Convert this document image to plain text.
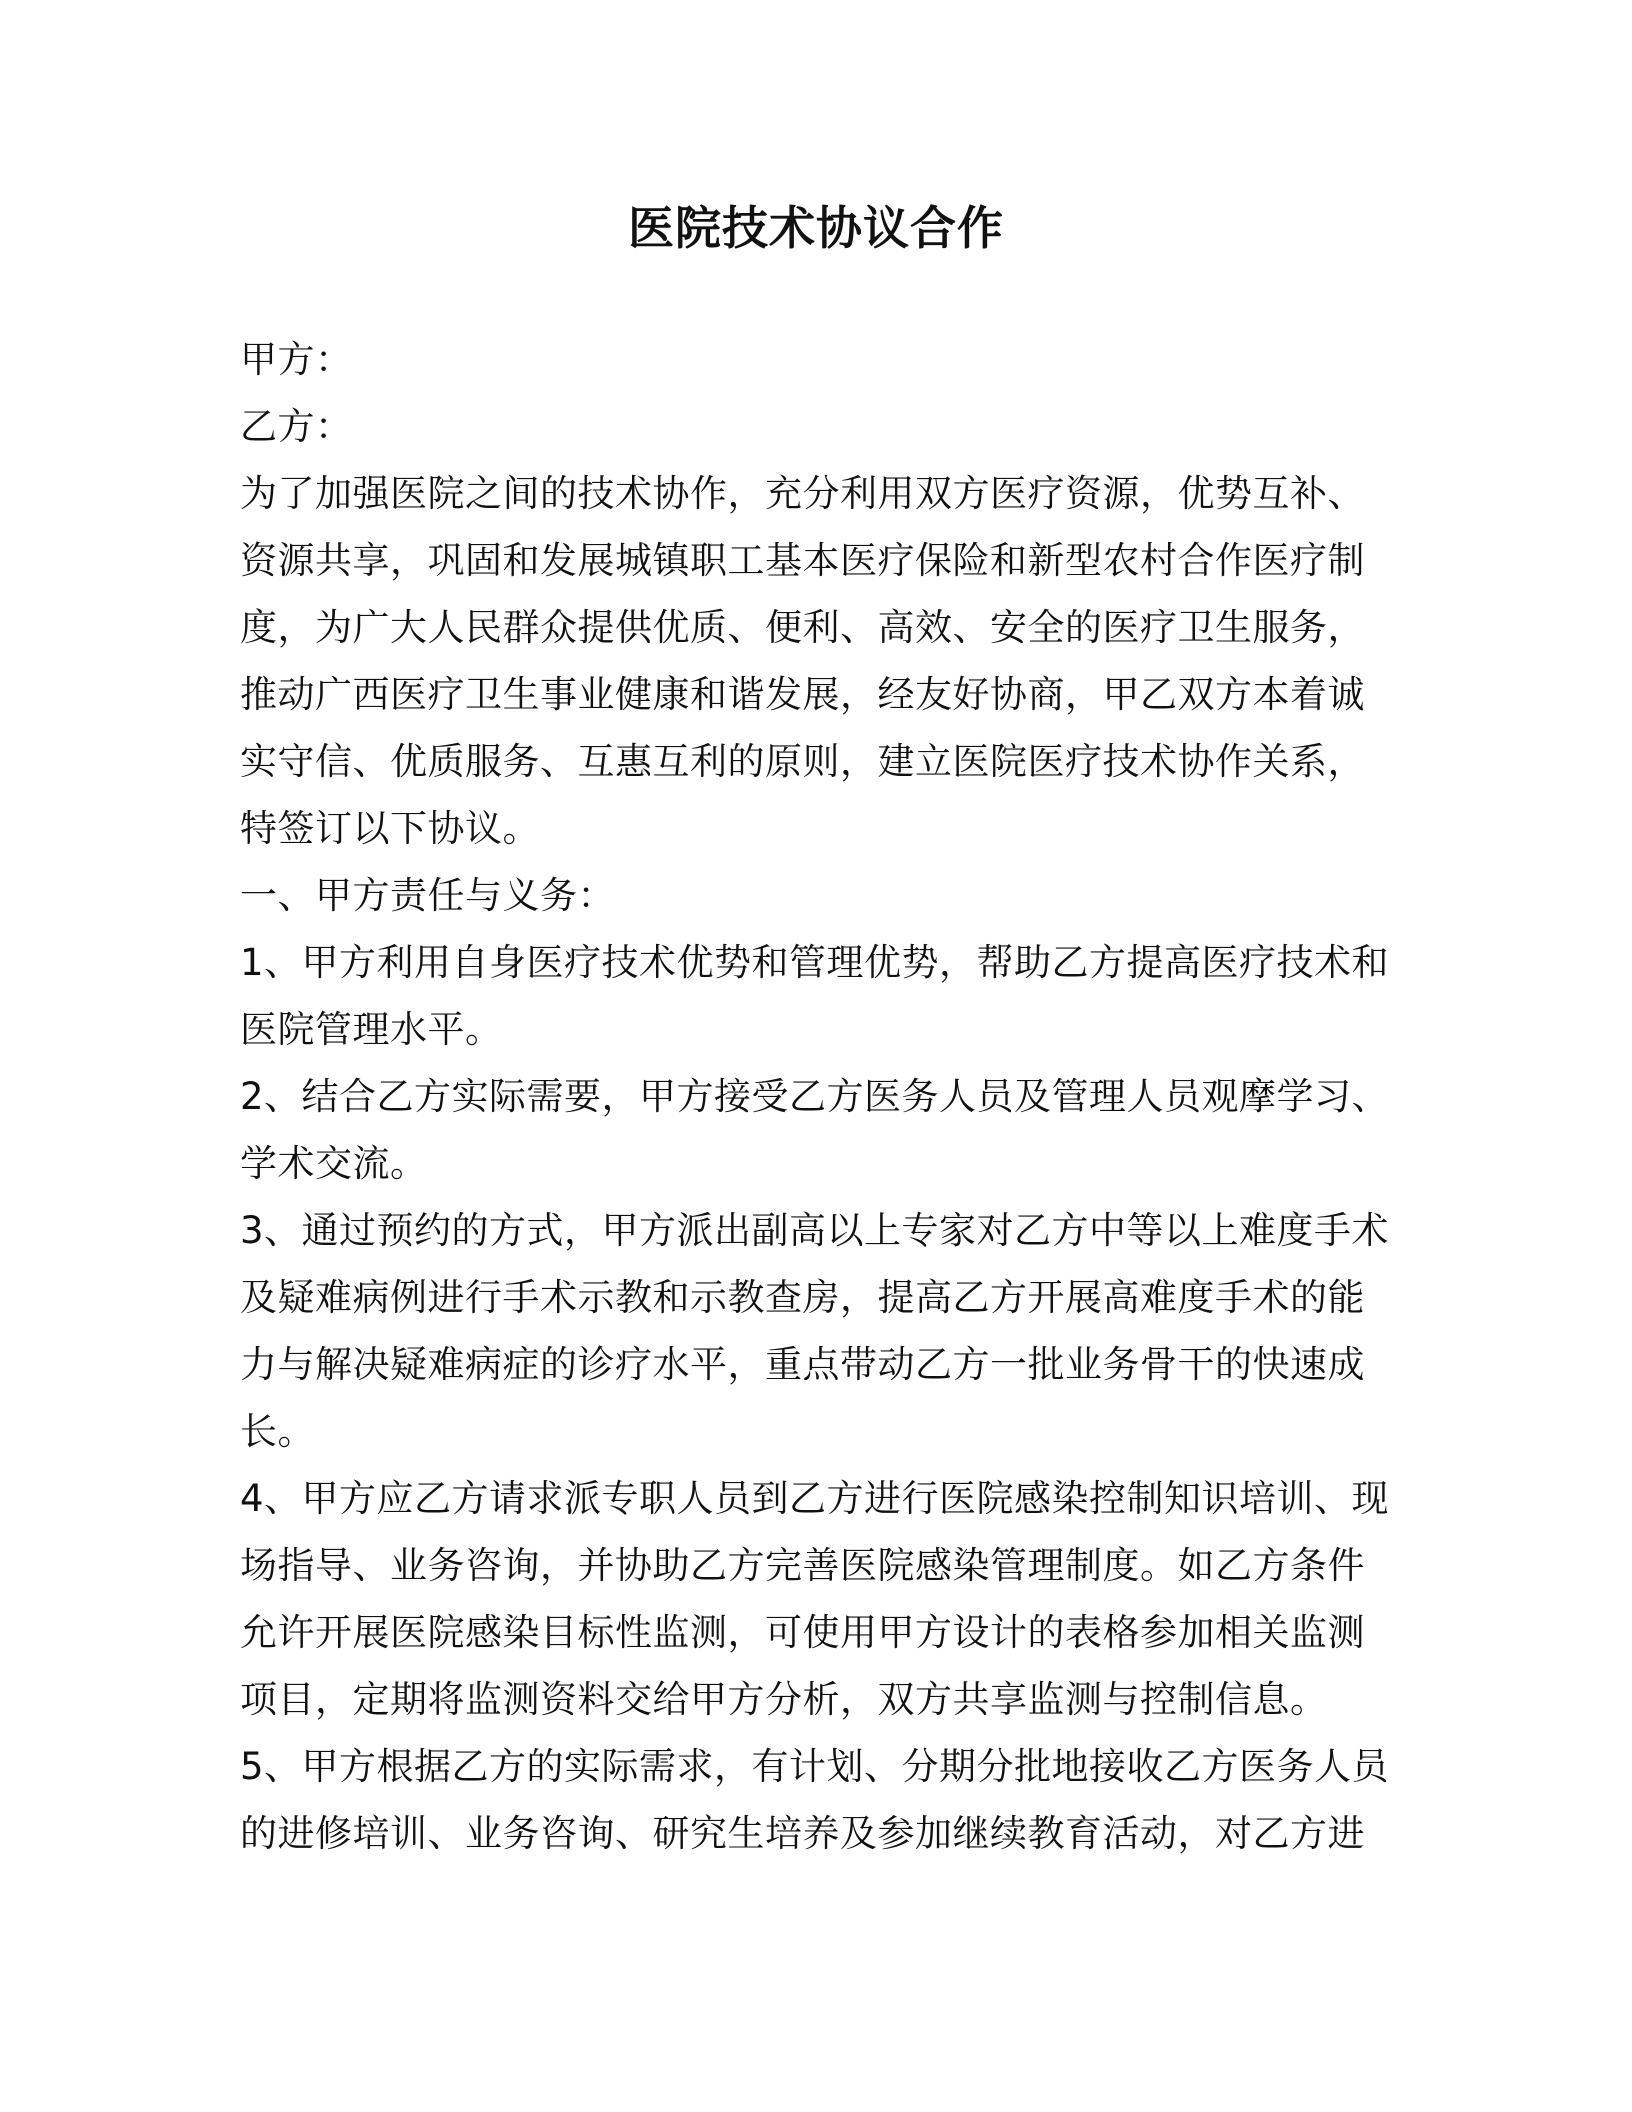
医院技术协议合作
甲方：
乙方：
为了加强医院之间的技术协作，充分利用双方医疗资源，优势互补、
资源共享，巩固和发展城镇职工基本医疗保险和新型农村合作医疗制
度，为广大人民群众提供优质、便利、高效、安全的医疗卫生服务，
推动广西医疗卫生事业健康和谐发展，经友好协商，甲乙双方本着诚
实守信、优质服务、互惠互利的原则，建立医院医疗技术协作关系，
特签订以下协议。
一、甲方责任与义务：
1、甲方利用自身医疗技术优势和管理优势，帮助乙方提高医疗技术和
医院管理水平。
2、结合乙方实际需要，甲方接受乙方医务人员及管理人员观摩学习、
学术交流。
3、通过预约的方式，甲方派出副高以上专家对乙方中等以上难度手术
及疑难病例进行手术示教和示教查房，提高乙方开展高难度手术的能
力与解决疑难病症的诊疗水平，重点带动乙方一批业务骨干的快速成
长。
4、甲方应乙方请求派专职人员到乙方进行医院感染控制知识培训、现
场指导、业务咨询，并协助乙方完善医院感染管理制度。如乙方条件
允许开展医院感染目标性监测，可使用甲方设计的表格参加相关监测
项目，定期将监测资料交给甲方分析，双方共享监测与控制信息。
5、甲方根据乙方的实际需求，有计划、分期分批地接收乙方医务人员
的进修培训、业务咨询、研究生培养及参加继续教育活动，对乙方进
